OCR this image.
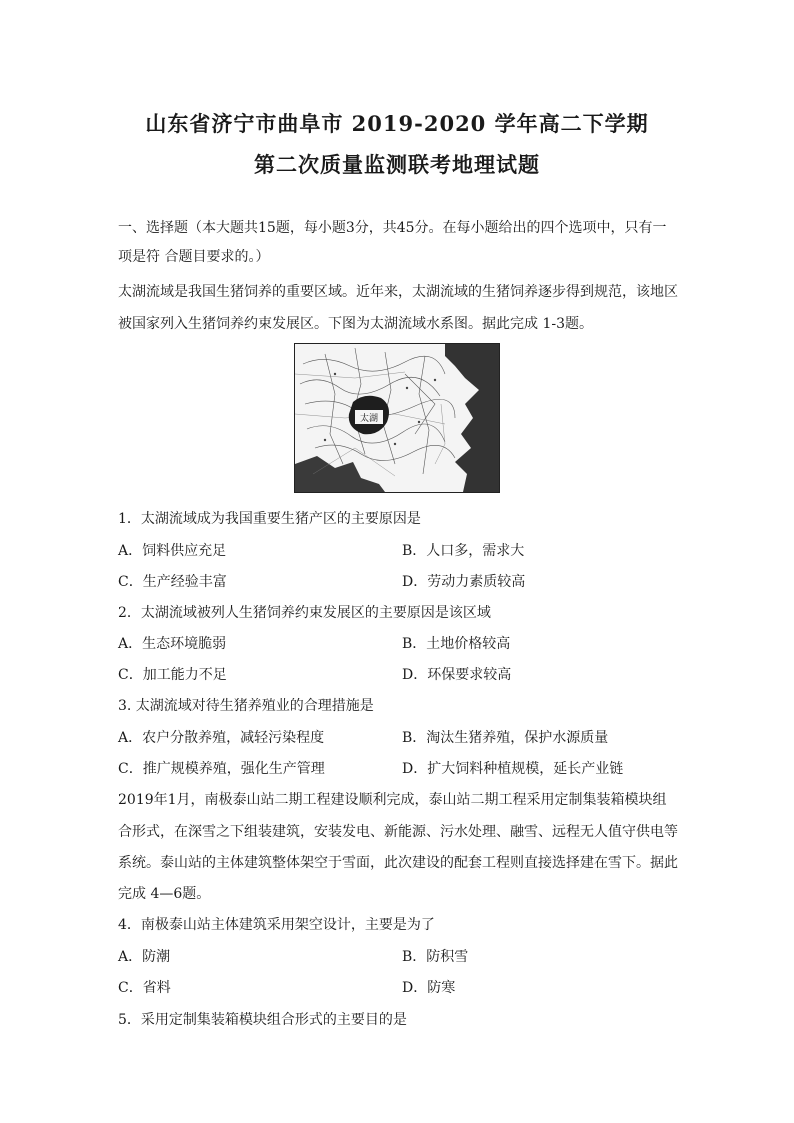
山东省济宁市曲阜市 2019-2020 学年高二下学期
第二次质量监测联考地理试题
一、选择题（本大题共15题，每小题3分，共45分。在每小题给出的四个选项中，只有一
项是符 合题目要求的。）
太湖流域是我国生猪饲养的重要区域。近年来，太湖流域的生猪饲养逐步得到规范，该地区
被国家列入生猪饲养约束发展区。下图为太湖流域水系图。据此完成 1-3题。
太湖
1．太湖流域成为我国重要生猪产区的主要原因是
A．饲料供应充足	B．人口多，需求大
C．生产经验丰富	D．劳动力素质较高
2．太湖流域被列人生猪饲养约束发展区的主要原因是该区域
A．生态环境脆弱	B．土地价格较高
C．加工能力不足	D．环保要求较高
3. 太湖流域对待生猪养殖业的合理措施是
A．农户分散养殖，减轻污染程度	B．淘汰生猪养殖，保护水源质量
C．推广规模养殖，强化生产管理	D．扩大饲料种植规模，延长产业链
2019年1月，南极泰山站二期工程建设顺利完成，泰山站二期工程采用定制集装箱模块组
合形式，在深雪之下组装建筑，安装发电、新能源、污水处理、融雪、远程无人值守供电等
系统。泰山站的主体建筑整体架空于雪面，此次建设的配套工程则直接选择建在雪下。据此
完成 4—6题。
4．南极泰山站主体建筑采用架空设计，主要是为了
A．防潮	B．防积雪
C．省料	D．防寒
5．采用定制集装箱模块组合形式的主要目的是
